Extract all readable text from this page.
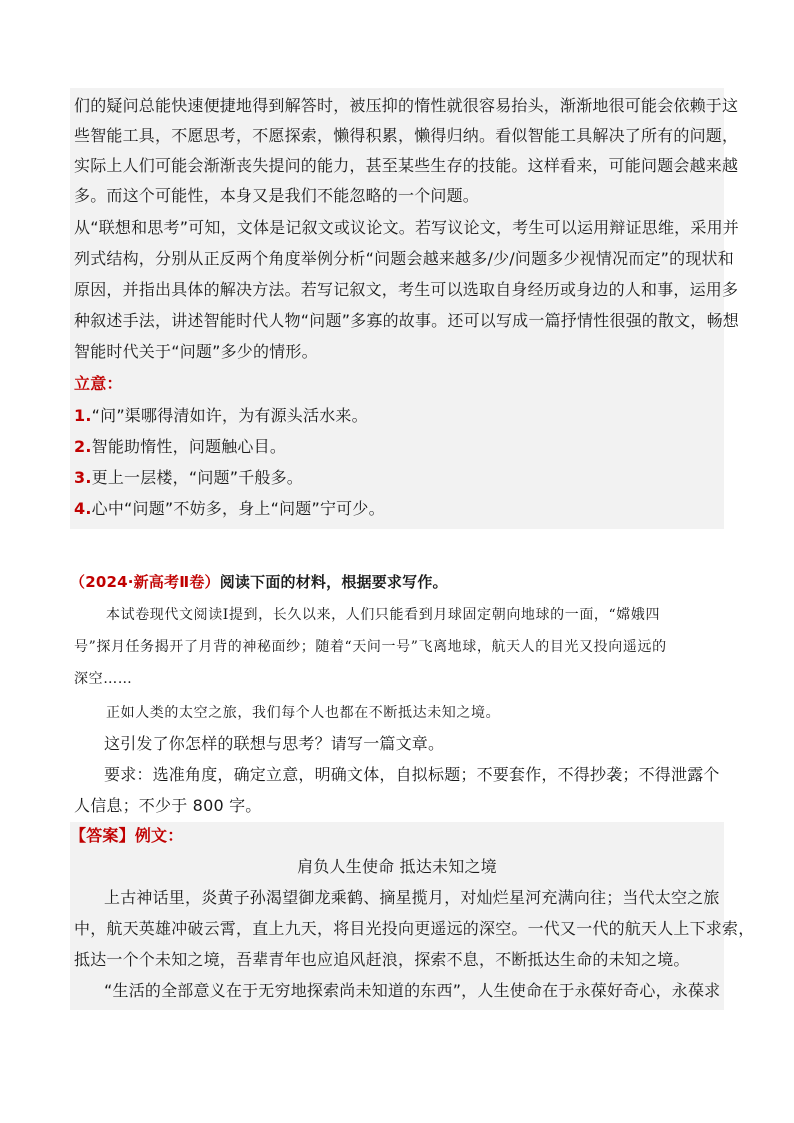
们的疑问总能快速便捷地得到解答时，被压抑的惰性就很容易抬头，渐渐地很可能会依赖于这
些智能工具，不愿思考，不愿探索，懒得积累，懒得归纳。看似智能工具解决了所有的问题，
实际上人们可能会渐渐丧失提问的能力，甚至某些生存的技能。这样看来，可能问题会越来越
多。而这个可能性，本身又是我们不能忽略的一个问题。
从“联想和思考”可知，文体是记叙文或议论文。若写议论文，考生可以运用辩证思维，采用并
列式结构，分别从正反两个角度举例分析“问题会越来越多/少/问题多少视情况而定”的现状和
原因，并指出具体的解决方法。若写记叙文，考生可以选取自身经历或身边的人和事，运用多
种叙述手法，讲述智能时代人物“问题”多寡的故事。还可以写成一篇抒情性很强的散文，畅想
智能时代关于“问题”多少的情形。
立意：
1.“问”渠哪得清如许，为有源头活水来。
2.智能助惰性，问题触心目。
3.更上一层楼，“问题”千般多。
4.心中“问题”不妨多，身上“问题”宁可少。
（2024·新高考Ⅱ卷）阅读下面的材料，根据要求写作。
本试卷现代文阅读Ⅰ提到，长久以来，人们只能看到月球固定朝向地球的一面，“嫦娥四
号”探月任务揭开了月背的神秘面纱；随着“天问一号”飞离地球，航天人的目光又投向遥远的
深空……
正如人类的太空之旅，我们每个人也都在不断抵达未知之境。
这引发了你怎样的联想与思考？请写一篇文章。
要求：选准角度，确定立意，明确文体，自拟标题；不要套作，不得抄袭；不得泄露个
人信息；不少于 800 字。
【答案】例文：
肩负人生使命 抵达未知之境
上古神话里，炎黄子孙渴望御龙乘鹤、摘星揽月，对灿烂星河充满向往；当代太空之旅
中，航天英雄冲破云霄，直上九天，将目光投向更遥远的深空。一代又一代的航天人上下求索，
抵达一个个未知之境，吾辈青年也应追风赶浪，探索不息，不断抵达生命的未知之境。
“生活的全部意义在于无穷地探索尚未知道的东西”，人生使命在于永葆好奇心，永葆求
